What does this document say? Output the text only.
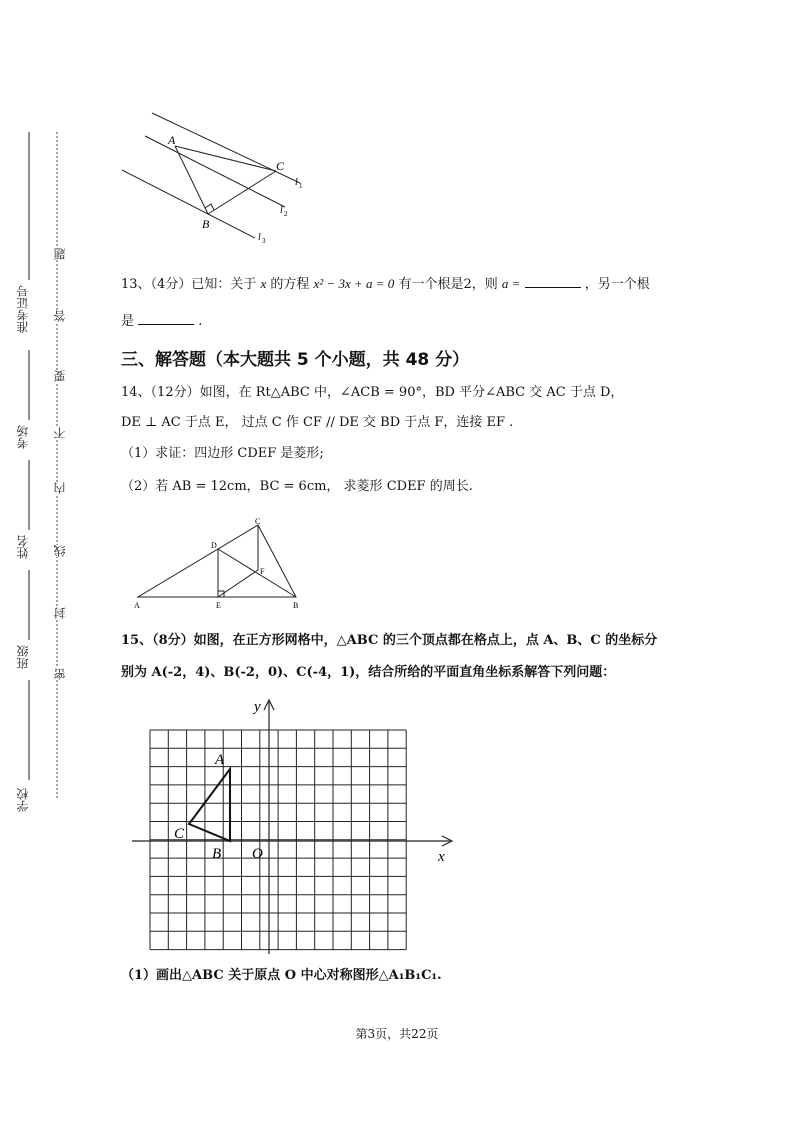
准考证号
考场
姓名
班级
学校
题
答
要
不
内
线
封
密
A
B
C
l 1
l 2
l 3
13、（4分）已知：关于 x 的方程 x² − 3x + a = 0 有一个根是2，则 a =	，另一个根
是	.
三、解答题（本大题共 5 个小题，共 48 分）
14、（12分）如图，在 Rt△ABC 中，∠ACB = 90°，BD 平分∠ABC 交 AC 于点 D，
DE ⊥ AC 于点 E， 过点 C 作 CF // DE 交 BD 于点 F，连接 EF .
（1）求证：四边形 CDEF 是菱形;
（2）若 AB = 12cm，BC = 6cm， 求菱形 CDEF 的周长.
A	B
C
D
E
F
15、（8分）如图，在正方形网格中，△ABC 的三个顶点都在格点上，点 A、B、C 的坐标分
别为 A(-2，4)、B(-2，0)、C(-4，1)，结合所给的平面直角坐标系解答下列问题：
y
x
A
B
C
O
（1）画出△ABC 关于原点 O 中心对称图形△A₁B₁C₁.
第3页，共22页
